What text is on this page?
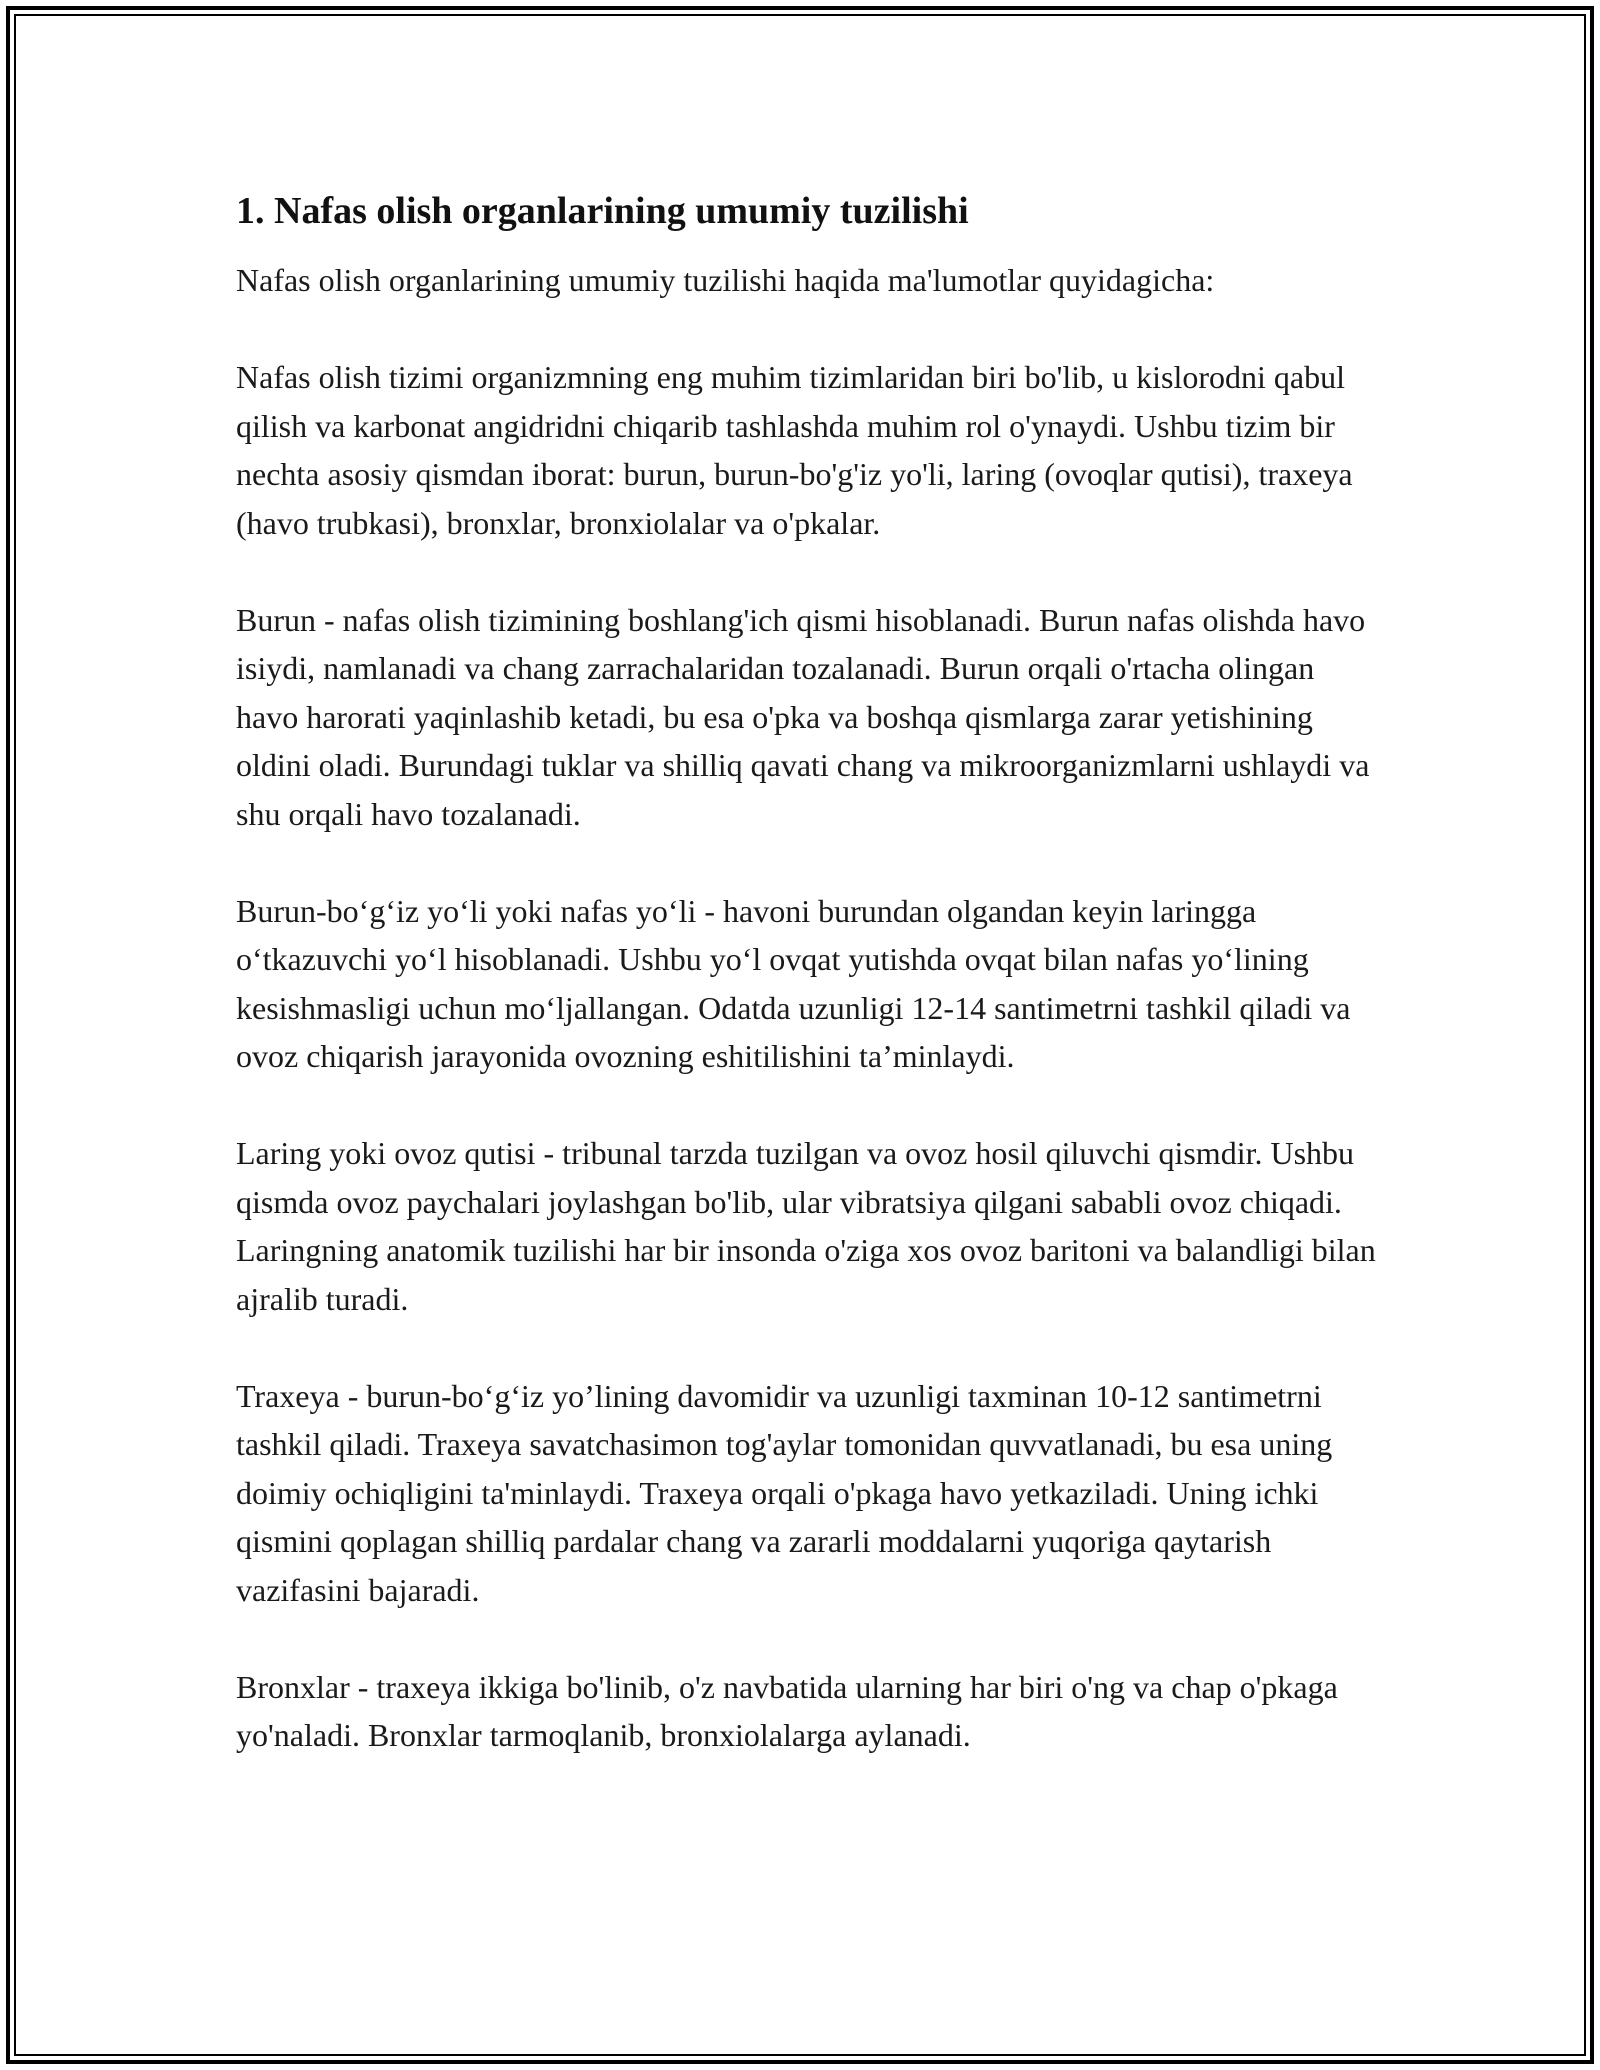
1. Nafas olish organlarining umumiy tuzilishi

Nafas olish organlarining umumiy tuzilishi haqida ma'lumotlar quyidagicha:

Nafas olish tizimi organizmning eng muhim tizimlaridan biri bo'lib, u kislorodni qabul qilish va karbonat angidridni chiqarib tashlashda muhim rol o'ynaydi. Ushbu tizim bir nechta asosiy qismdan iborat: burun, burun-bo'g'iz yo'li, laring (ovoqlar qutisi), traxeya (havo trubkasi), bronxlar, bronxiolalar va o'pkalar.

Burun - nafas olish tizimining boshlang'ich qismi hisoblanadi. Burun nafas olishda havo isiydi, namlanadi va chang zarrachalaridan tozalanadi. Burun orqali o'rtacha olingan havo harorati yaqinlashib ketadi, bu esa o'pka va boshqa qismlarga zarar yetishining oldini oladi. Burundagi tuklar va shilliq qavati chang va mikroorganizmlarni ushlaydi va shu orqali havo tozalanadi.

Burun-bo‘g‘iz yo‘li yoki nafas yo‘li - havoni burundan olgandan keyin laringga o‘tkazuvchi yo‘l hisoblanadi. Ushbu yo‘l ovqat yutishda ovqat bilan nafas yo‘lining kesishmasligi uchun mo‘ljallangan. Odatda uzunligi 12-14 santimetrni tashkil qiladi va ovoz chiqarish jarayonida ovozning eshitilishini ta’minlaydi.

Laring yoki ovoz qutisi - tribunal tarzda tuzilgan va ovoz hosil qiluvchi qismdir. Ushbu qismda ovoz paychalari joylashgan bo'lib, ular vibratsiya qilgani sababli ovoz chiqadi. Laringning anatomik tuzilishi har bir insonda o'ziga xos ovoz baritoni va balandligi bilan ajralib turadi.

Traxeya - burun-bo‘g‘iz yo’lining davomidir va uzunligi taxminan 10-12 santimetrni tashkil qiladi. Traxeya savatchasimon tog'aylar tomonidan quvvatlanadi, bu esa uning doimiy ochiqligini ta'minlaydi. Traxeya orqali o'pkaga havo yetkaziladi. Uning ichki qismini qoplagan shilliq pardalar chang va zararli moddalarni yuqoriga qaytarish vazifasini bajaradi.

Bronxlar - traxeya ikkiga bo'linib, o'z navbatida ularning har biri o'ng va chap o'pkaga yo'naladi. Bronxlar tarmoqlanib, bronxiolalarga aylanadi.
